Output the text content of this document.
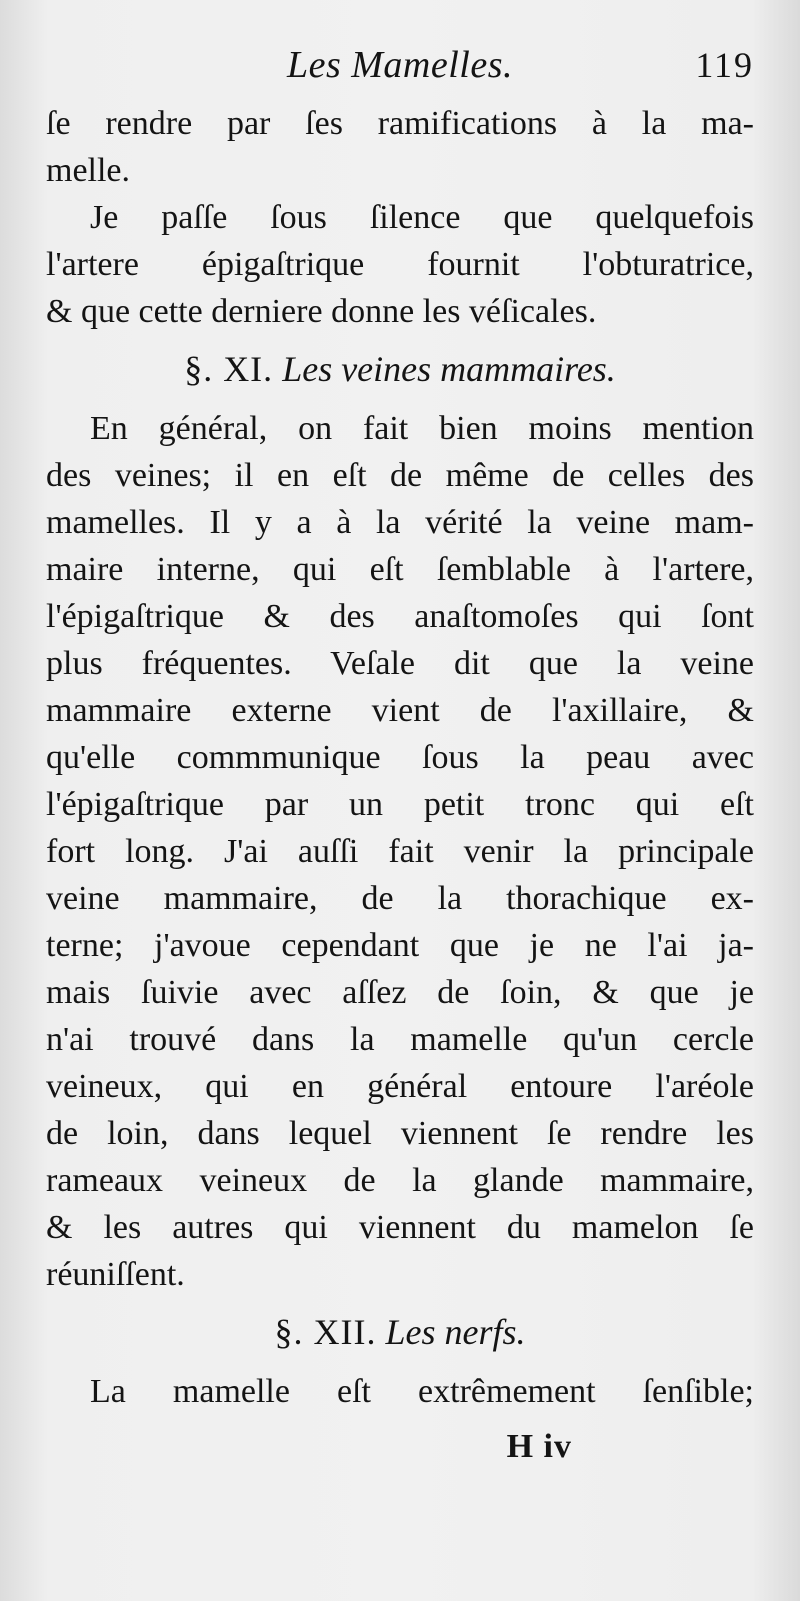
Les Mamelles.	119
ſe rendre par ſes ramifications à la ma-
melle.
Je paſſe ſous ſilence que quelquefois
l'artere épigaſtrique fournit l'obturatrice,
& que cette derniere donne les véſicales.
§. XI. Les veines mammaires.
En général, on fait bien moins mention
des veines; il en eſt de même de celles des
mamelles. Il y a à la vérité la veine mam-
maire interne, qui eſt ſemblable à l'artere,
l'épigaſtrique & des anaſtomoſes qui ſont
plus fréquentes. Veſale dit que la veine
mammaire externe vient de l'axillaire, &
qu'elle commmunique ſous la peau avec
l'épigaſtrique par un petit tronc qui eſt
fort long. J'ai auſſi fait venir la principale
veine mammaire, de la thorachique ex-
terne; j'avoue cependant que je ne l'ai ja-
mais ſuivie avec aſſez de ſoin, & que je
n'ai trouvé dans la mamelle qu'un cercle
veineux, qui en général entoure l'aréole
de loin, dans lequel viennent ſe rendre les
rameaux veineux de la glande mammaire,
& les autres qui viennent du mamelon ſe
réuniſſent.
§. XII. Les nerfs.
La mamelle eſt extrêmement ſenſible;
H iv
